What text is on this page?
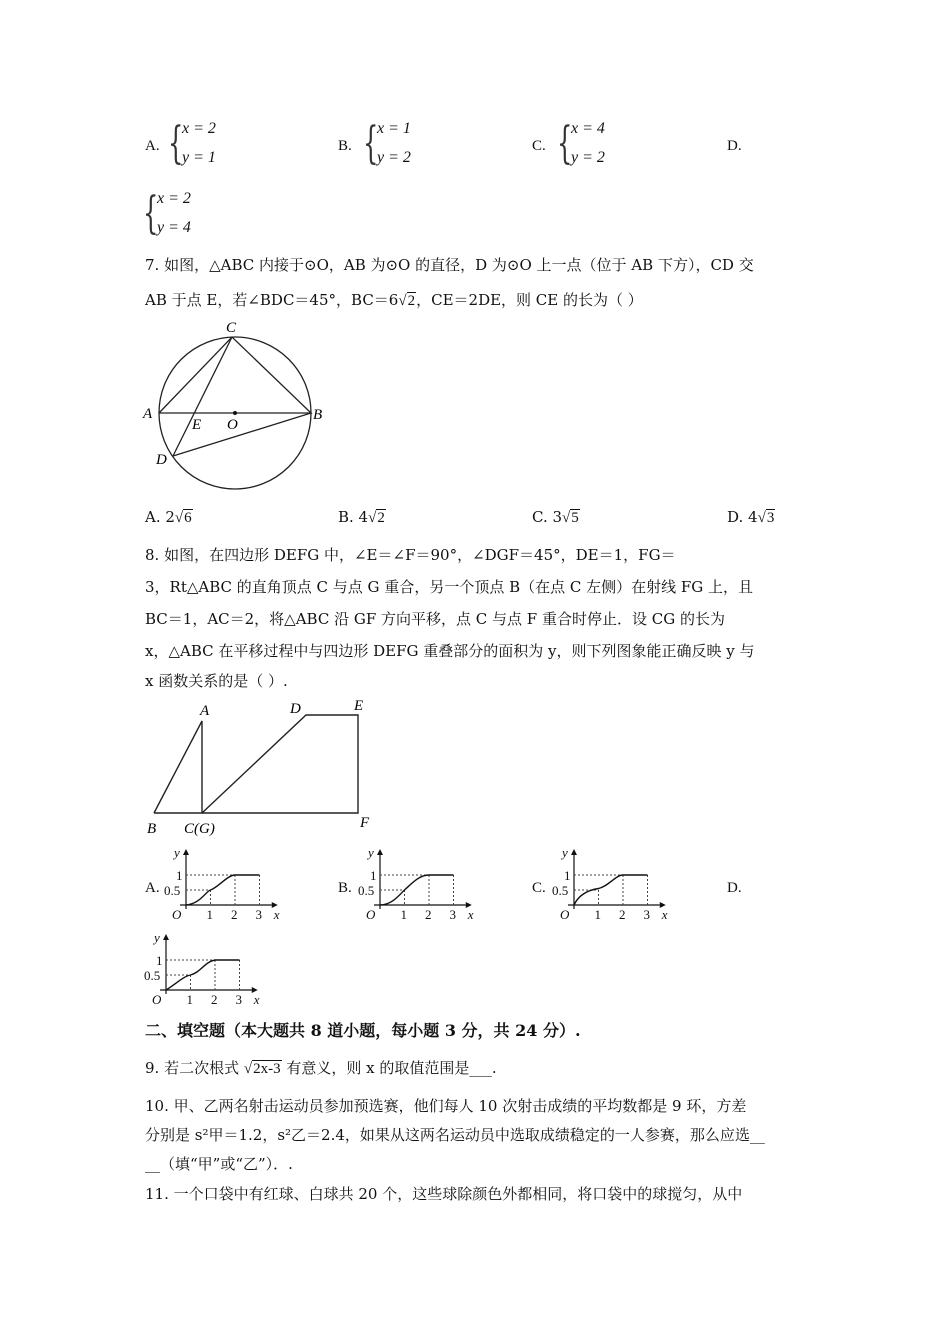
A. {
x = 2
y = 1
B. {
x = 1
y = 2
C. {
x = 4
y = 2
D.
{
x = 2
y = 4
7. 如图，△ABC 内接于⊙O，AB 为⊙O 的直径，D 为⊙O 上一点（位于 AB 下方），CD 交
AB 于点 E，若∠BDC＝45°，BC＝6√2，CE＝2DE，则 CE 的长为（ ）
C
A
E O
B
D
A. 2√6	B. 4√2	C. 3√5	D. 4√3
8. 如图，在四边形 DEFG 中，∠E＝∠F＝90°，∠DGF＝45°，DE＝1，FG＝
3，Rt△ABC 的直角顶点 C 与点 G 重合，另一个顶点 B（在点 C 左侧）在射线 FG 上，且
BC＝1，AC＝2，将△ABC 沿 GF 方向平移，点 C 与点 F 重合时停止．设 CG 的长为
x，△ABC 在平移过程中与四边形 DEFG 重叠部分的面积为 y，则下列图象能正确反映 y 与
x 函数关系的是（ ）.
A	D	E
B C(G)	F
A.	B.	C.	D.
y
x
O
1
0.5
1 2 3
y
x
O
1
0.5
1 2 3
y
x
O
1
0.5
1 2 3
y
x
O
1
0.5
1 2 3
二、填空题（本大题共 8 道小题，每小题 3 分，共 24 分）.
9. 若二次根式 √2x-3 有意义，则 x 的取值范围是___.
10. 甲、乙两名射击运动员参加预选赛，他们每人 10 次射击成绩的平均数都是 9 环，方差
分别是 s²甲＝1.2，s²乙＝2.4，如果从这两名运动员中选取成绩稳定的一人参赛，那么应选__
__（填“甲”或“乙”）．.
11. 一个口袋中有红球、白球共 20 个，这些球除颜色外都相同，将口袋中的球搅匀，从中
